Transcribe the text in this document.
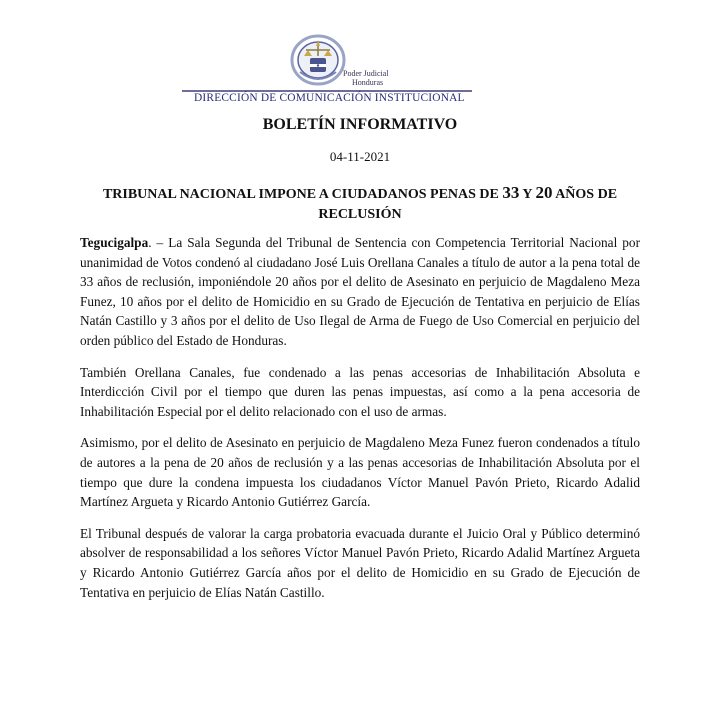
Poder Judicial
Honduras
DIRECCIÓN DE COMUNICACIÓN INSTITUCIONAL
BOLETÍN INFORMATIVO
04-11-2021
TRIBUNAL NACIONAL IMPONE A CIUDADANOS PENAS DE 33 Y 20 AÑOS DE RECLUSIÓN

Tegucigalpa. – La Sala Segunda del Tribunal de Sentencia con Competencia Territorial Nacional por unanimidad de Votos condenó al ciudadano José Luis Orellana Canales a título de autor a la pena total de 33 años de reclusión, imponiéndole 20 años por el delito de Asesinato en perjuicio de Magdaleno Meza Funez, 10 años por el delito de Homicidio en su Grado de Ejecución de Tentativa en perjuicio de Elías Natán Castillo y 3 años por el delito de Uso Ilegal de Arma de Fuego de Uso Comercial en perjuicio del orden público del Estado de Honduras.

También Orellana Canales, fue condenado a las penas accesorias de Inhabilitación Absoluta e Interdicción Civil por el tiempo que duren las penas impuestas, así como a la pena accesoria de Inhabilitación Especial por el delito relacionado con el uso de armas.

Asimismo, por el delito de Asesinato en perjuicio de Magdaleno Meza Funez fueron condenados a título de autores a la pena de 20 años de reclusión y a las penas accesorias de Inhabilitación Absoluta por el tiempo que dure la condena impuesta los ciudadanos Víctor Manuel Pavón Prieto, Ricardo Adalid Martínez Argueta y Ricardo Antonio Gutiérrez García.

El Tribunal después de valorar la carga probatoria evacuada durante el Juicio Oral y Público determinó absolver de responsabilidad a los señores Víctor Manuel Pavón Prieto, Ricardo Adalid Martínez Argueta y Ricardo Antonio Gutiérrez García años por el delito de Homicidio en su Grado de Ejecución de Tentativa en perjuicio de Elías Natán Castillo.
